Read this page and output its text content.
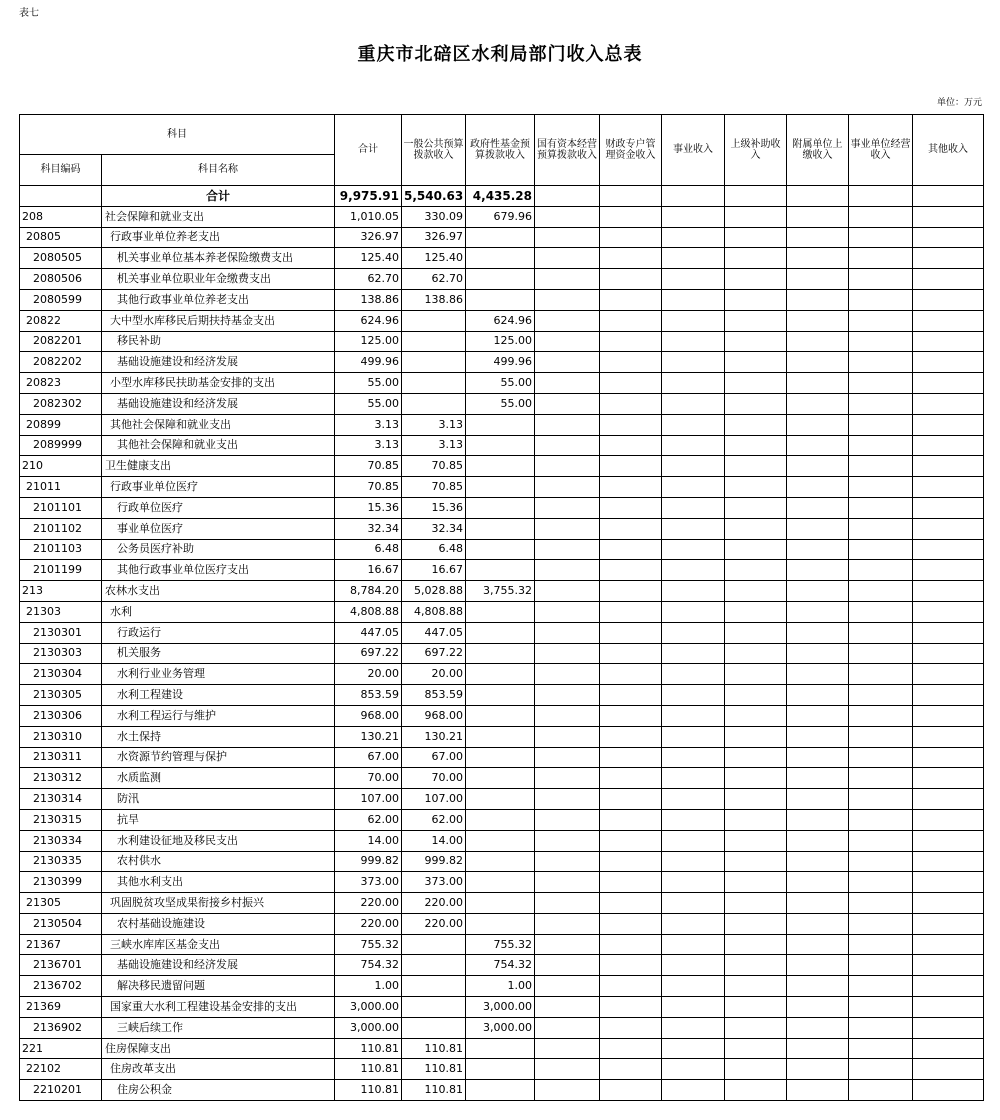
表七
重庆市北碚区水利局部门收入总表
单位：万元
科目		合计	一般公共预算拨款收入	政府性基金预算拨款收入	国有资本经营预算拨款收入	财政专户管理资金收入	事业收入	上级补助收入	附属单位上缴收入	事业单位经营收入	其他收入
科目编码	科目名称										
	合计	9,975.91	5,540.63	4,435.28							
208	社会保障和就业支出	1,010.05	330.09	679.96							
20805	行政事业单位养老支出	326.97	326.97								
2080505	机关事业单位基本养老保险缴费支出	125.40	125.40								
2080506	机关事业单位职业年金缴费支出	62.70	62.70								
2080599	其他行政事业单位养老支出	138.86	138.86								
20822	大中型水库移民后期扶持基金支出	624.96		624.96							
2082201	移民补助	125.00		125.00							
2082202	基础设施建设和经济发展	499.96		499.96							
20823	小型水库移民扶助基金安排的支出	55.00		55.00							
2082302	基础设施建设和经济发展	55.00		55.00							
20899	其他社会保障和就业支出	3.13	3.13								
2089999	其他社会保障和就业支出	3.13	3.13								
210	卫生健康支出	70.85	70.85								
21011	行政事业单位医疗	70.85	70.85								
2101101	行政单位医疗	15.36	15.36								
2101102	事业单位医疗	32.34	32.34								
2101103	公务员医疗补助	6.48	6.48								
2101199	其他行政事业单位医疗支出	16.67	16.67								
213	农林水支出	8,784.20	5,028.88	3,755.32							
21303	水利	4,808.88	4,808.88								
2130301	行政运行	447.05	447.05								
2130303	机关服务	697.22	697.22								
2130304	水利行业业务管理	20.00	20.00								
2130305	水利工程建设	853.59	853.59								
2130306	水利工程运行与维护	968.00	968.00								
2130310	水土保持	130.21	130.21								
2130311	水资源节约管理与保护	67.00	67.00								
2130312	水质监测	70.00	70.00								
2130314	防汛	107.00	107.00								
2130315	抗旱	62.00	62.00								
2130334	水利建设征地及移民支出	14.00	14.00								
2130335	农村供水	999.82	999.82								
2130399	其他水利支出	373.00	373.00								
21305	巩固脱贫攻坚成果衔接乡村振兴	220.00	220.00								
2130504	农村基础设施建设	220.00	220.00								
21367	三峡水库库区基金支出	755.32		755.32							
2136701	基础设施建设和经济发展	754.32		754.32							
2136702	解决移民遗留问题	1.00		1.00							
21369	国家重大水利工程建设基金安排的支出	3,000.00		3,000.00							
2136902	三峡后续工作	3,000.00		3,000.00							
221	住房保障支出	110.81	110.81								
22102	住房改革支出	110.81	110.81								
2210201	住房公积金	110.81	110.81								
